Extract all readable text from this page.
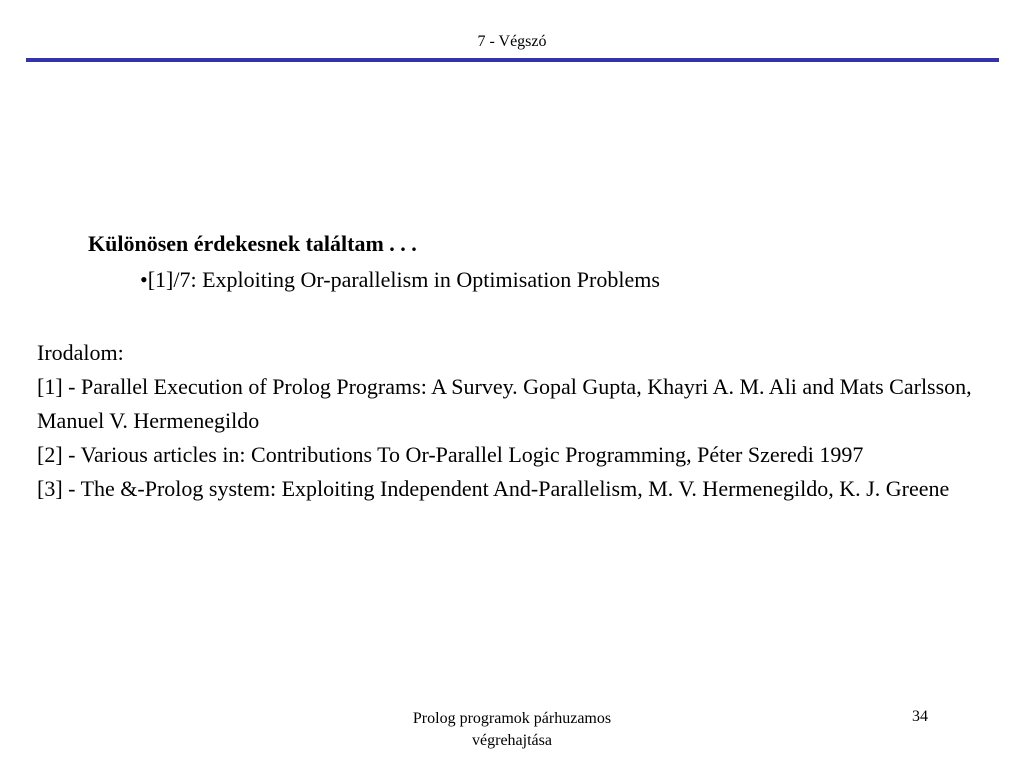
7 - Végszó
Különösen érdekesnek találtam . . .
•[1]/7: Exploiting Or-parallelism in Optimisation Problems

Irodalom:

[1] - Parallel Execution of Prolog Programs: A Survey. Gopal Gupta, Khayri A. M. Ali and Mats Carlsson, Manuel V. Hermenegildo

[2] - Various articles in: Contributions To Or-Parallel Logic Programming, Péter Szeredi 1997

[3] - The &-Prolog system: Exploiting Independent And-Parallelism, M. V. Hermenegildo, K. J. Greene

Prolog programok párhuzamos
végrehajtása
34
